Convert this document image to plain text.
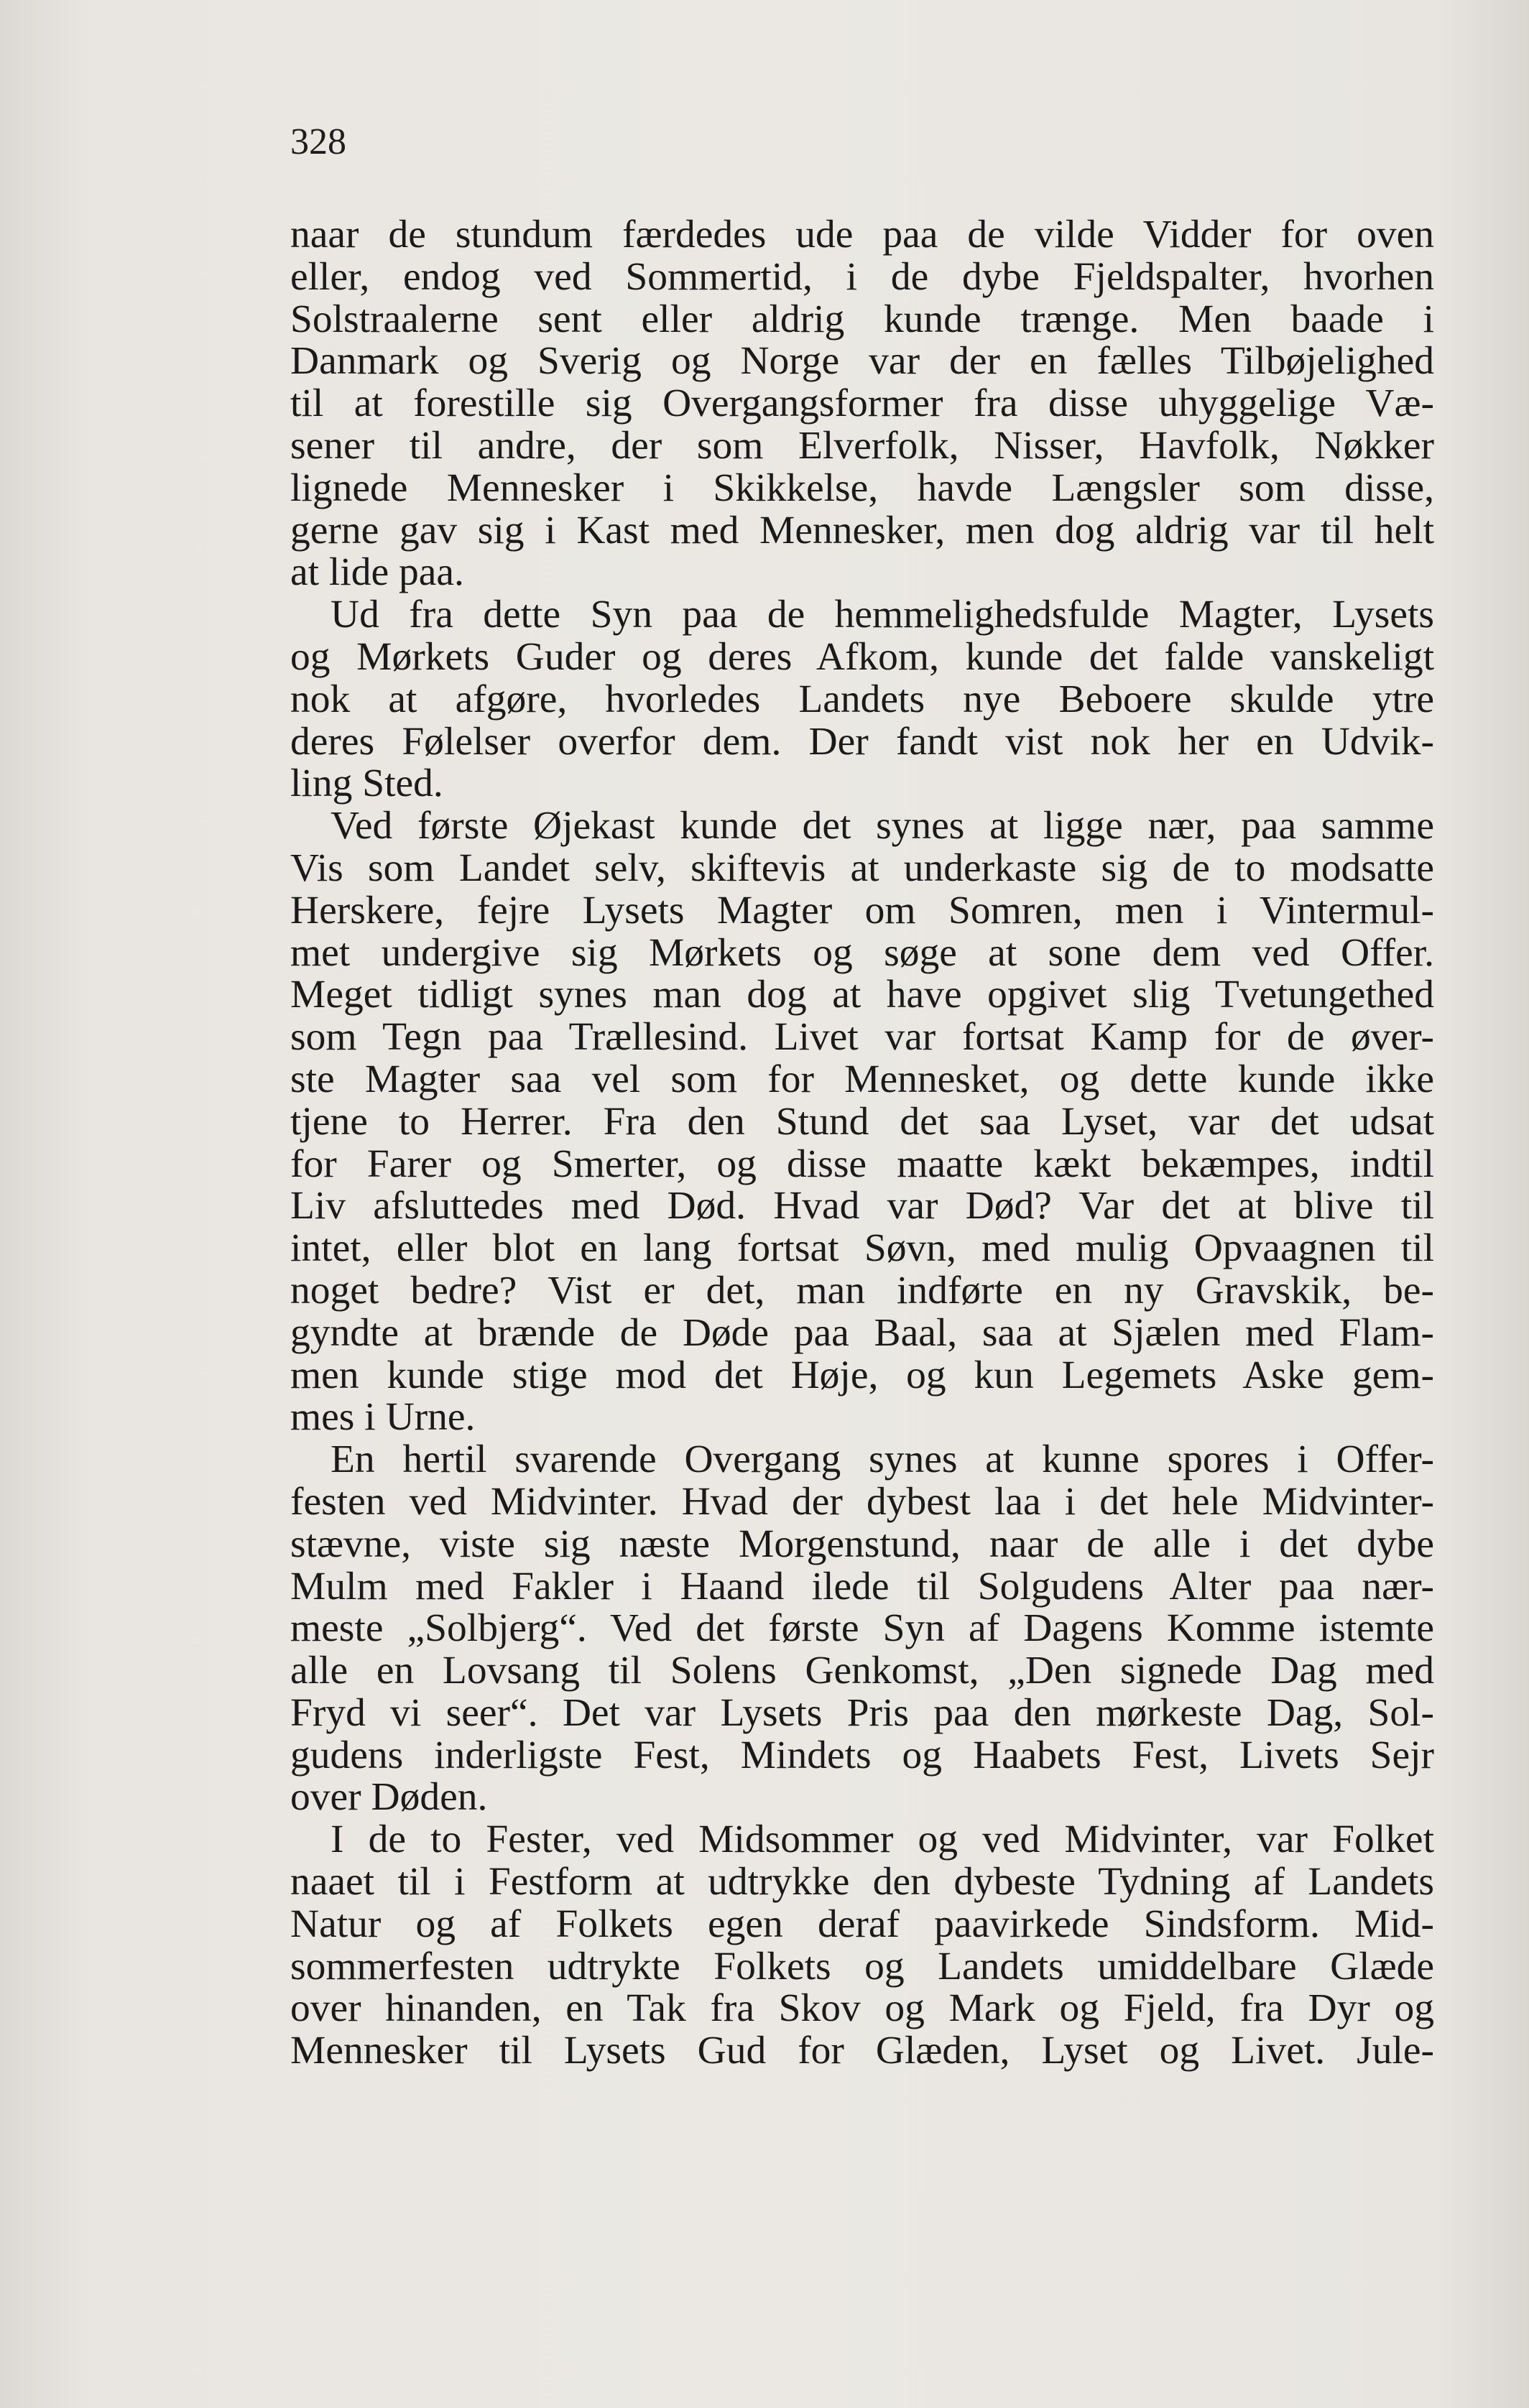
328
naar de stundum færdedes ude paa de vilde Vidder for oven
eller, endog ved Sommertid, i de dybe Fjeldspalter, hvorhen
Solstraalerne sent eller aldrig kunde trænge. Men baade i
Danmark og Sverig og Norge var der en fælles Tilbøjelighed
til at forestille sig Overgangsformer fra disse uhyggelige Væ-
sener til andre, der som Elverfolk, Nisser, Havfolk, Nøkker
lignede Mennesker i Skikkelse, havde Længsler som disse,
gerne gav sig i Kast med Mennesker, men dog aldrig var til helt
at lide paa.
Ud fra dette Syn paa de hemmelighedsfulde Magter, Lysets
og Mørkets Guder og deres Afkom, kunde det falde vanskeligt
nok at afgøre, hvorledes Landets nye Beboere skulde ytre
deres Følelser overfor dem. Der fandt vist nok her en Udvik-
ling Sted.
Ved første Øjekast kunde det synes at ligge nær, paa samme
Vis som Landet selv, skiftevis at underkaste sig de to modsatte
Herskere, fejre Lysets Magter om Somren, men i Vintermul-
met undergive sig Mørkets og søge at sone dem ved Offer.
Meget tidligt synes man dog at have opgivet slig Tvetungethed
som Tegn paa Trællesind. Livet var fortsat Kamp for de øver-
ste Magter saa vel som for Mennesket, og dette kunde ikke
tjene to Herrer. Fra den Stund det saa Lyset, var det udsat
for Farer og Smerter, og disse maatte kækt bekæmpes, indtil
Liv afsluttedes med Død. Hvad var Død? Var det at blive til
intet, eller blot en lang fortsat Søvn, med mulig Opvaagnen til
noget bedre? Vist er det, man indførte en ny Gravskik, be-
gyndte at brænde de Døde paa Baal, saa at Sjælen med Flam-
men kunde stige mod det Høje, og kun Legemets Aske gem-
mes i Urne.
En hertil svarende Overgang synes at kunne spores i Offer-
festen ved Midvinter. Hvad der dybest laa i det hele Midvinter-
stævne, viste sig næste Morgenstund, naar de alle i det dybe
Mulm med Fakler i Haand ilede til Solgudens Alter paa nær-
meste „Solbjerg“. Ved det første Syn af Dagens Komme istemte
alle en Lovsang til Solens Genkomst, „Den signede Dag med
Fryd vi seer“. Det var Lysets Pris paa den mørkeste Dag, Sol-
gudens inderligste Fest, Mindets og Haabets Fest, Livets Sejr
over Døden.
I de to Fester, ved Midsommer og ved Midvinter, var Folket
naaet til i Festform at udtrykke den dybeste Tydning af Landets
Natur og af Folkets egen deraf paavirkede Sindsform. Mid-
sommerfesten udtrykte Folkets og Landets umiddelbare Glæde
over hinanden, en Tak fra Skov og Mark og Fjeld, fra Dyr og
Mennesker til Lysets Gud for Glæden, Lyset og Livet. Jule-
